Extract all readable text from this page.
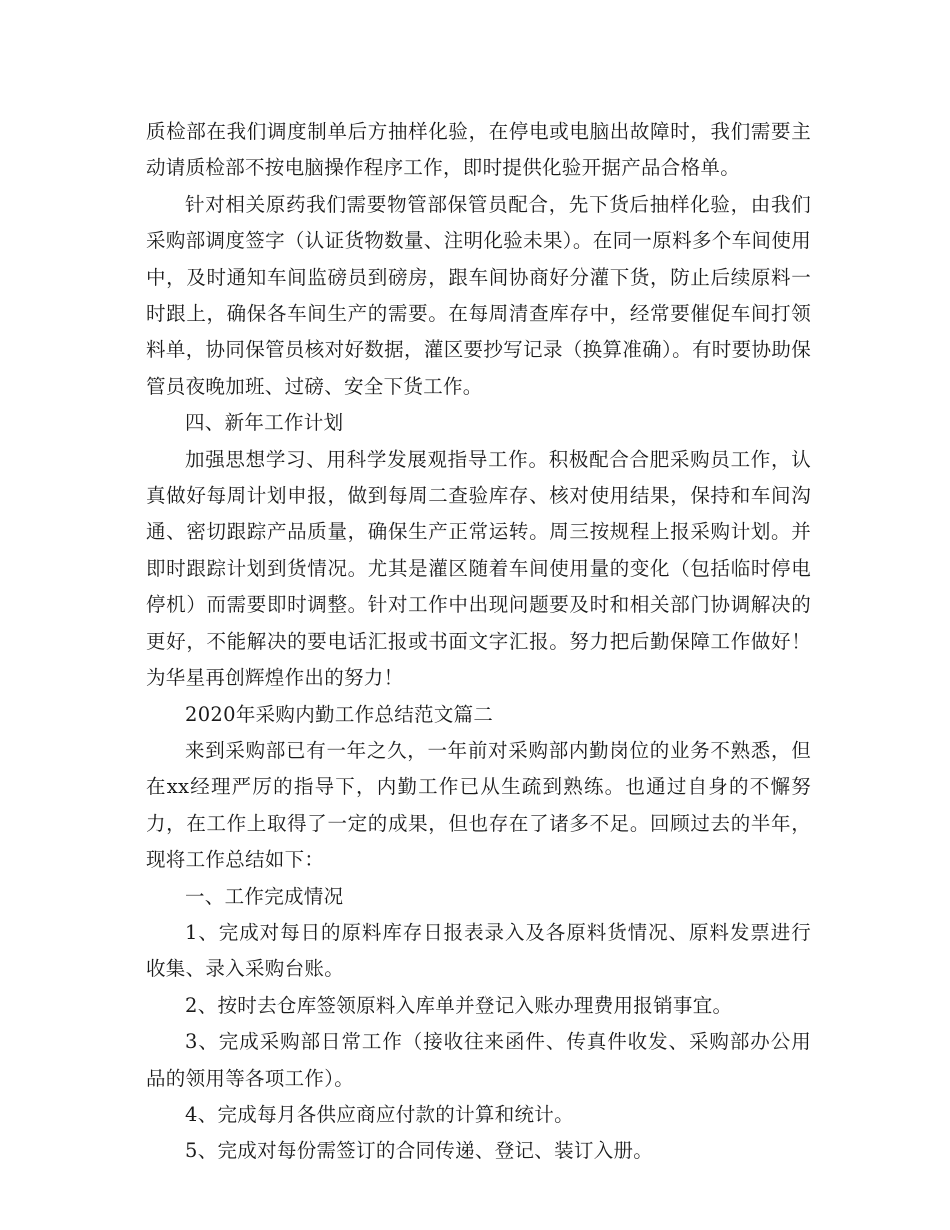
质检部在我们调度制单后方抽样化验，在停电或电脑出故障时，我们需要主动请质检部不按电脑操作程序工作，即时提供化验开据产品合格单。

针对相关原药我们需要物管部保管员配合，先下货后抽样化验，由我们采购部调度签字（认证货物数量、注明化验未果）。在同一原料多个车间使用中，及时通知车间监磅员到磅房，跟车间协商好分灌下货，防止后续原料一时跟上，确保各车间生产的需要。在每周清查库存中，经常要催促车间打领料单，协同保管员核对好数据，灌区要抄写记录（换算准确）。有时要协助保管员夜晚加班、过磅、安全下货工作。

四、新年工作计划

加强思想学习、用科学发展观指导工作。积极配合合肥采购员工作，认真做好每周计划申报，做到每周二查验库存、核对使用结果，保持和车间沟通、密切跟踪产品质量，确保生产正常运转。周三按规程上报采购计划。并即时跟踪计划到货情况。尤其是灌区随着车间使用量的变化（包括临时停电停机）而需要即时调整。针对工作中出现问题要及时和相关部门协调解决的更好，不能解决的要电话汇报或书面文字汇报。努力把后勤保障工作做好！为华星再创辉煌作出的努力！

2020年采购内勤工作总结范文篇二

来到采购部已有一年之久，一年前对采购部内勤岗位的业务不熟悉，但在xx经理严厉的指导下，内勤工作已从生疏到熟练。也通过自身的不懈努力，在工作上取得了一定的成果，但也存在了诸多不足。回顾过去的半年，现将工作总结如下：

一、工作完成情况

1、完成对每日的原料库存日报表录入及各原料货情况、原料发票进行收集、录入采购台账。

2、按时去仓库签领原料入库单并登记入账办理费用报销事宜。

3、完成采购部日常工作（接收往来函件、传真件收发、采购部办公用品的领用等各项工作）。

4、完成每月各供应商应付款的计算和统计。

5、完成对每份需签订的合同传递、登记、装订入册。
